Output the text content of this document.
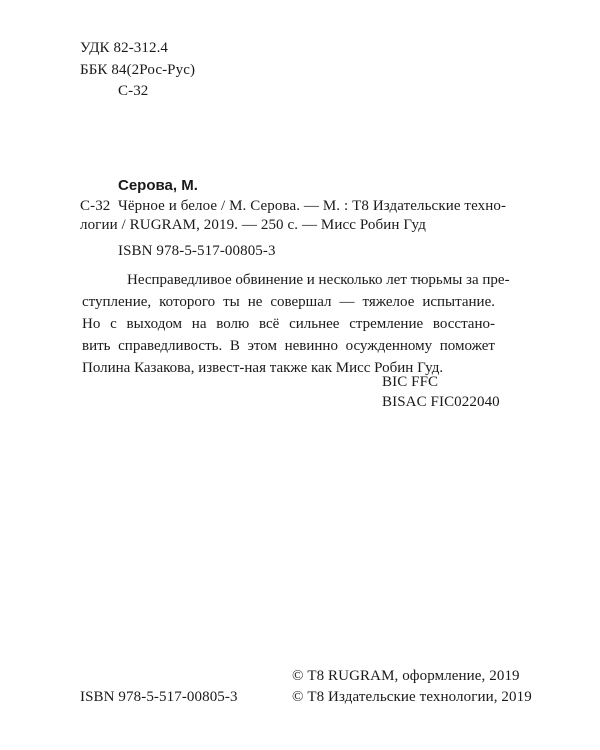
УДК 82-312.4
ББК 84(2Рос-Рус)
С-32
Серова, М.
С-32 Чёрное и белое / М. Серова. — М. : Т8 Издательские техно-
логии / RUGRAM, 2019. — 250 с. — Мисс Робин Гуд
ISBN 978-5-517-00805-3
Несправедливое обвинение и несколько лет тюрьмы за пре-
ступление, которого ты не совершал — тяжелое испытание.
Но с выходом на волю всё сильнее стремление восстано-
вить справедливость. В этом невинно осужденному поможет
Полина Казакова, извест-ная также как Мисс Робин Гуд.
BIC FFC
BISAC FIC022040
ISBN 978-5-517-00805-3
© Т8 RUGRAM, оформление, 2019
© Т8 Издательские технологии, 2019
